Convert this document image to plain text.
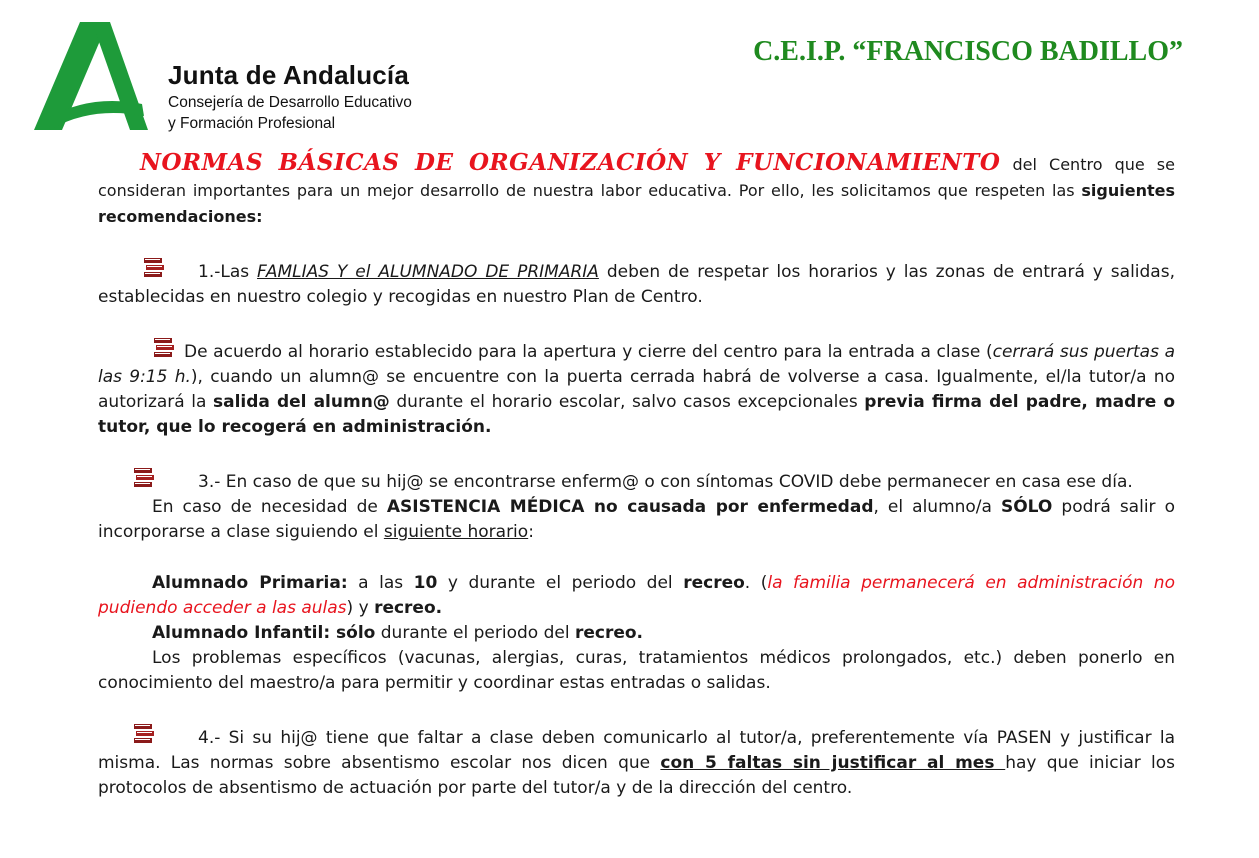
Junta de Andalucía
Consejería de Desarrollo Educativo
y Formación Profesional
C.E.I.P. “FRANCISCO BADILLO”

NORMAS BÁSICAS DE ORGANIZACIÓN Y FUNCIONAMIENTO del Centro que se consideran importantes para un mejor desarrollo de nuestra labor educativa. Por ello, les solicitamos que respeten las siguientes recomendaciones:

1.-Las FAMLIAS Y el ALUMNADO DE PRIMARIA deben de respetar los horarios y las zonas de entrará y salidas, establecidas en nuestro colegio y recogidas en nuestro Plan de Centro.

De acuerdo al horario establecido para la apertura y cierre del centro para la entrada a clase (cerrará sus puertas a las 9:15 h.), cuando un alumn@ se encuentre con la puerta cerrada habrá de volverse a casa. Igualmente, el/la tutor/a no autorizará la salida del alumn@ durante el horario escolar, salvo casos excepcionales previa firma del padre, madre o tutor, que lo recogerá en administración.

3.- En caso de que su hij@ se encontrarse enferm@ o con síntomas COVID debe permanecer en casa ese día.

En caso de necesidad de ASISTENCIA MÉDICA no causada por enfermedad, el alumno/a SÓLO podrá salir o incorporarse a clase siguiendo el siguiente horario:

Alumnado Primaria: a las 10 y durante el periodo del recreo. (la familia permanecerá en administración no pudiendo acceder a las aulas) y recreo.

Alumnado Infantil: sólo durante el periodo del recreo.

Los problemas específicos (vacunas, alergias, curas, tratamientos médicos prolongados, etc.) deben ponerlo en conocimiento del maestro/a para permitir y coordinar estas entradas o salidas.

4.- Si su hij@ tiene que faltar a clase deben comunicarlo al tutor/a, preferentemente vía PASEN y justificar la misma. Las normas sobre absentismo escolar nos dicen que con 5 faltas sin justificar al mes hay que iniciar los protocolos de absentismo de actuación por parte del tutor/a y de la dirección del centro.
